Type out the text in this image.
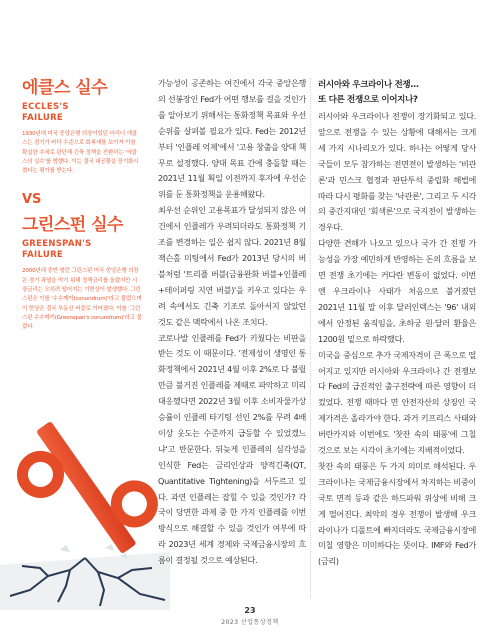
에클스 실수
ECCLES'S
FAILURE
1930년대 미국 중앙은행 의장이었던 마리너 에클스는 경기가 바닥 수준으로 회복세를 보이자 이를 확실한 추세로 판단해 긴축 정책을 전환하는 '에클스의 실수'를 범했다. 이는 결국 대공황을 장기화시켰다는 평가를 받는다.
VS
그린스펀 실수
GREENSPAN'S
FAILURE
2000년대 중반 앨런 그린스펀 미국 중앙은행 의장은 경기 과열을 막기 위해 정책금리를 올렸지만 시장금리는 오히려 떨어지는 기현상이 발생했다. 그린스펀은 이를 '수수께끼(conundrum)'라고 불렀으며 이 현상은 결국 부동산 버블로 이어졌다. 이를 '그린스펀 수수께끼(Greenspan's conundrum)'라고 불렀다.

가능성이 공존하는 여건에서 각국 중앙은행의 선봉장인 Fed가 어떤 행보를 걸을 것인가를 알아보기 위해서는 통화정책 목표와 우선순위를 살펴볼 필요가 있다. Fed는 2012년부터 '인플레 억제'에서 '고용 창출을 양대 책무로 설정했다. 양대 목표 간에 충돌할 때는 2021년 11월 획일 이전까지 후자에 우선순위를 둔 통화정책을 운용해왔다.

최우선 순위인 고용목표가 달성되지 않은 여건에서 인플레가 우려되더라도 통화정책 기조를 변경하는 일은 쉽지 않다. 2021년 8월 잭슨홀 미팅에서 Fed가 2013년 당시의 버블처럼 '트리플 버블(금융완화 버블+인플레+테이퍼링 지연 버블)'을 키우고 있다는 우려 속에서도 긴축 기조로 돌아서지 않았던 것도 같은 맥락에서 나온 조치다.

코로나발 인플레를 Fed가 키웠다는 비판을 받는 것도 이 때문이다. '전제성이 생명인 통화정책에서 2021년 4월 이후 2%로 다 불릴 만큼 불거진 인플레를 제때로 파악하고 미리 대응했다면 2022년 3월 이후 소비자물가상승률이 인플레 타기팅 선인 2%를 무려 4배 이상 웃도는 수준까지 급등할 수 있었겠느냐'고 반문한다. 뒤늦게 인플레의 심각성을 인식한 Fed는 금리인상과 양적긴축(QT, Quantitative Tightening)을 서두르고 있다. 과연 인플레는 잡힐 수 있을 것인가? 각국이 당면한 과제 중 한 가지 인플레를 이번 방식으로 해결할 수 있을 것인가 여부에 따라 2023년 세계 경제와 국제금융시장의 흐름이 결정될 것으로 예상된다.

러시아와 우크라이나 전쟁…
또 다른 전쟁으로 이어지나?

러시아와 우크라이나 전쟁이 장기화되고 있다. 앞으로 전쟁을 수 있는 상황에 대해서는 크게 세 가지 시나리오가 있다. 하나는 어떻게 당사국들이 모두 참가하는 전면전이 발생하는 '비관론'과 민스크 협정과 판단투석 중립화 해법에 따라 다시 평화를 찾는 '낙관론', 그리고 두 시각의 중간지대인 '회색론'으로 국지전이 발생하는 경우다.

다양한 견해가 나오고 있으나 국가 간 전쟁 가능성을 가장 예민하게 반영하는 돈의 흐름을 보면 전쟁 초기에는 커다란 변동이 없었다. 이번엔 우크라이나 사태가 처음으로 불거졌던 2021년 11월 말 이후 달러인덱스는 '96' 내외에서 안정된 움직임을, 초하궁 원·달러 환율은 1200원 밑으로 하락했다.

미국을 중심으로 추가 국제자격이 큰 폭으로 떨어지고 있지만 러시아와 우크라이나 간 전쟁보다 Fed의 급진적인 출구전략에 따른 영향이 더 컸었다. 전쟁 때마다 면 안전자산의 상징인 국제가격은 올라가야 한다. 과거 키프리스 사태와 버란카지와 이번에도 '찻잔 속의 태풍'에 그칠 것으로 보는 시각이 초기에는 지배적이었다.

찻잔 속의 태풍은 두 가지 의미로 해석된다. 우크라이나는 국제금융시장에서 차지하는 비중이 국토 면적 등과 같은 하드파워 위상에 비해 크게 떨어진다. 최악의 경우 전쟁이 발생해 우크라이나가 디폴트에 빠지더라도 국제금융시장에 미칠 영향은 미미하다는 뜻이다. IMF와 Fed가 (금리)

23
2023 산업통상정책
